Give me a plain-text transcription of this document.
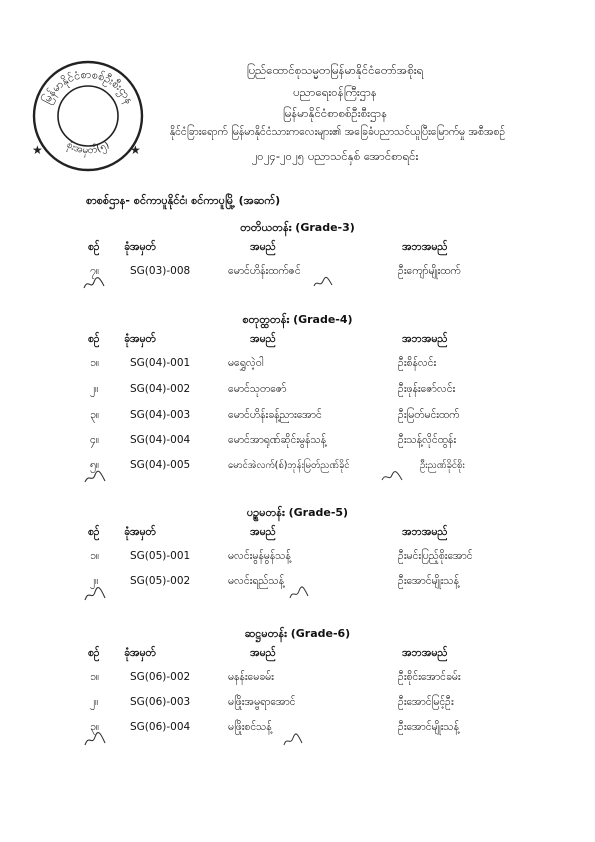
မြန်မာနိုင်ငံစာစစ်ဦးစီးဌာန
စုံးအမှတ်(၅)
★	★
ပြည်ထောင်စုသမ္မတမြန်မာနိုင်ငံတော်အစိုးရ
ပညာရေးဝန်ကြီးဌာန
မြန်မာနိုင်ငံစာစစ်ဦးစီးဌာန
နိုင်ငံခြားရောက် မြန်မာနိုင်ငံသားကလေးများ၏ အခြေခံပညာသင်ယူပြီးမြောက်မှု အစီအစဉ်
၂၀၂၄-၂၀၂၅ ပညာသင်နှစ် အောင်စာရင်း
စာစစ်ဌာန- စင်ကာပူနိုင်ငံ၊ စင်ကာပူမြို့ (အဆက်)
တတိယတန်း (Grade-3)
စတုတ္ထတန်း (Grade-4)
ပဉ္စမတန်း (Grade-5)
ဆဋ္ဌမတန်း (Grade-6)
စဉ် ခုံအမှတ်	အမည်	အဘအမည်
စဉ် ခုံအမှတ်	အမည်	အဘအမည်
စဉ် ခုံအမှတ်	အမည်	အဘအမည်
စဉ် ခုံအမှတ်	အမည်	အဘအမည်
၇။	SG(03)-008	မောင်ဟိန်းထက်ဇင်	ဦးကျော်မျိုးထက်
၁။	SG(04)-001	မရွှေလဲ့ဝါ	ဦးစိန်လင်း
၂။	SG(04)-002	မောင်သုတဇော်	ဦးဖုန်းဇော်လင်း
၃။	SG(04)-003	မောင်ဟိန်းခန့်ညားအောင်	ဦးမြတ်မင်းထက်
၄။	SG(04)-004	မောင်အာရုဏ်ဆိုင်းမွန်သန့်	ဦးသန့်လိုင်ထွန်း
၅။	SG(04)-005	မောင်အဲလက်(စ်)ဘုန်းမြတ်ညဏ်ခိုင်	ဦးညဏ်ခိုင်စိုး
၁။	SG(05)-001	မလင်းမွန်မွန်သန့်	ဦးမင်းပြည့်စိုးအောင်
၂။	SG(05)-002	မလင်းရည်သန့်	ဦးအောင်မျိုးသန့်
၁။	SG(06)-002	မနန်းမေခမ်း	ဦးစိုင်းအောင်ခမ်း
၂။	SG(06)-003	မဖြိုးအမ္ဗရာအောင်	ဦးအောင်မြင့်ဦး
၃။	SG(06)-004	မဖြိုးစင်သန့်	ဦးအောင်မျိုးသန့်
